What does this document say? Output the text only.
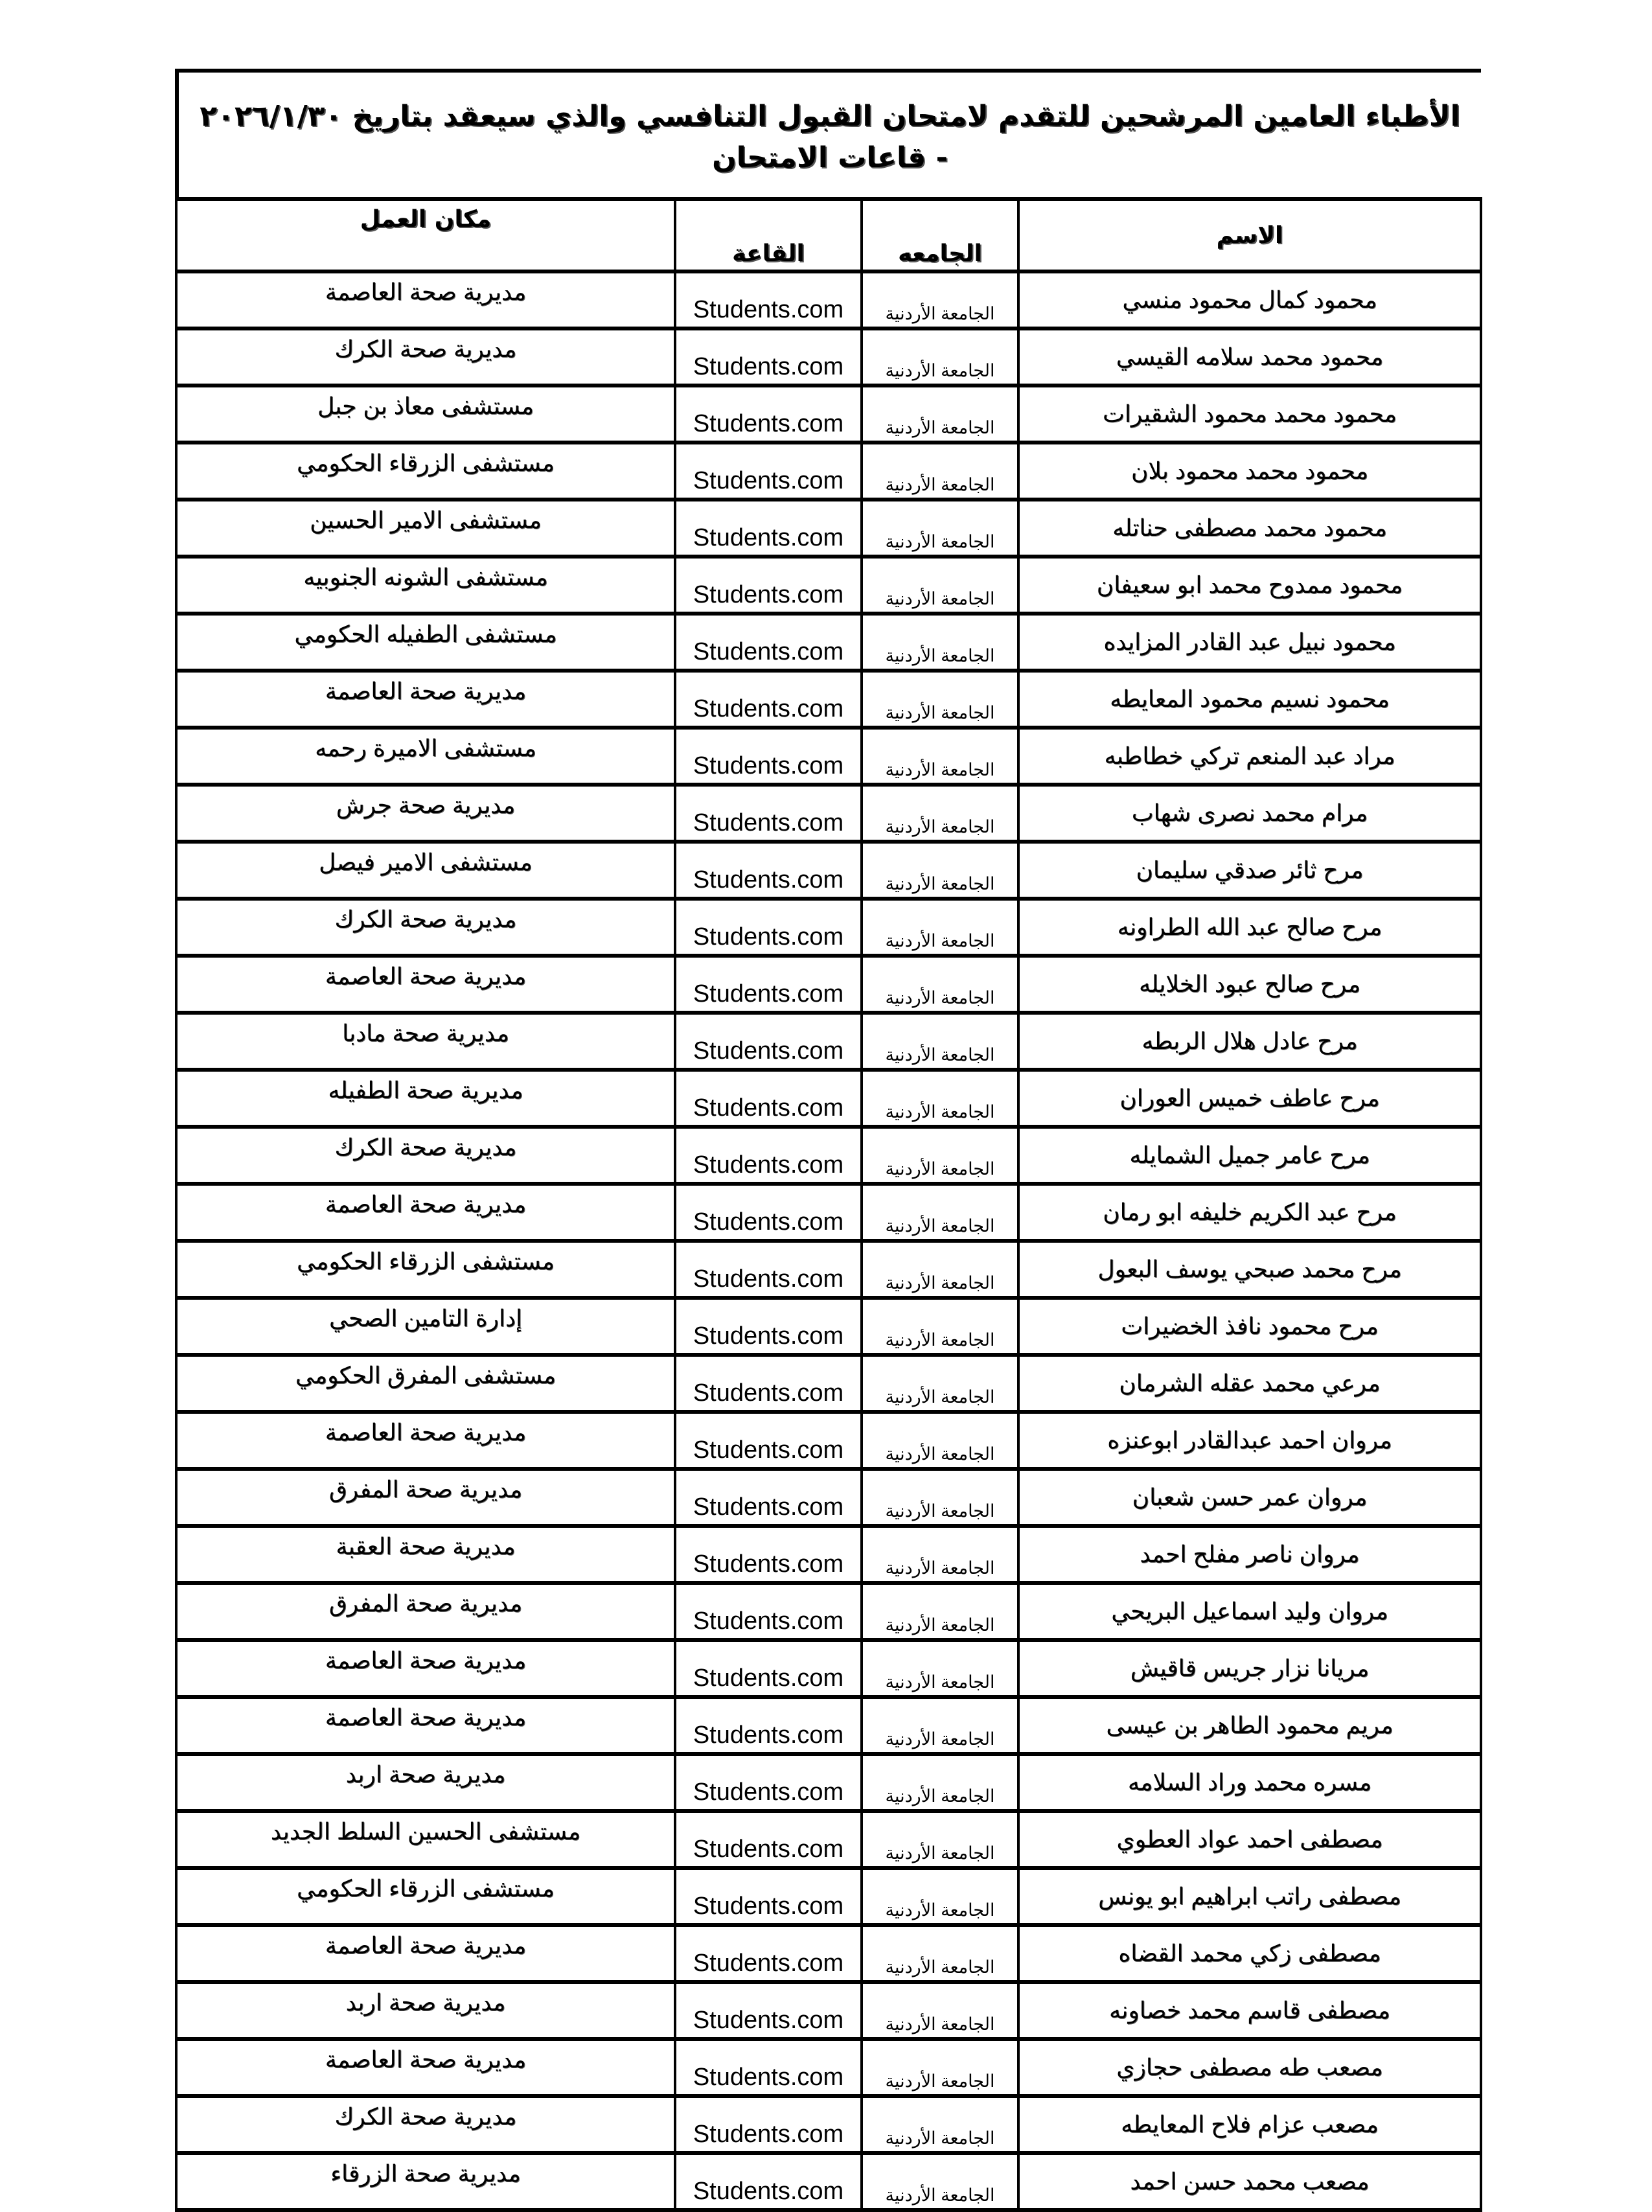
الأطباء العامين المرشحين للتقدم لامتحان القبول التنافسي والذي سيعقد بتاريخ ٢٠٢٦/١/٣٠ - قاعات الامتحان
الاسم	الجامعه	القاعة	مكان العمل
محمود كمال محمود منسي	الجامعة الأردنية	Students.com	مديرية صحة العاصمة
محمود محمد سلامه القيسي	الجامعة الأردنية	Students.com	مديرية صحة الكرك
محمود محمد محمود الشقيرات	الجامعة الأردنية	Students.com	مستشفى معاذ بن جبل
محمود محمد محمود بلان	الجامعة الأردنية	Students.com	مستشفى الزرقاء الحكومي
محمود محمد مصطفى حناتله	الجامعة الأردنية	Students.com	مستشفى الامير الحسين
محمود ممدوح محمد ابو سعيفان	الجامعة الأردنية	Students.com	مستشفى الشونه الجنوبيه
محمود نبيل عبد القادر المزايده	الجامعة الأردنية	Students.com	مستشفى الطفيله الحكومي
محمود نسيم محمود المعايطه	الجامعة الأردنية	Students.com	مديرية صحة العاصمة
مراد عبد المنعم تركي خطاطبه	الجامعة الأردنية	Students.com	مستشفى الاميرة رحمه
مرام محمد نصرى شهاب	الجامعة الأردنية	Students.com	مديرية صحة جرش
مرح ثائر صدقي سليمان	الجامعة الأردنية	Students.com	مستشفى الامير فيصل
مرح صالح عبد الله الطراونه	الجامعة الأردنية	Students.com	مديرية صحة الكرك
مرح صالح عبود الخلايله	الجامعة الأردنية	Students.com	مديرية صحة العاصمة
مرح عادل هلال الربطه	الجامعة الأردنية	Students.com	مديرية صحة مادبا
مرح عاطف خميس العوران	الجامعة الأردنية	Students.com	مديرية صحة الطفيله
مرح عامر جميل الشمايله	الجامعة الأردنية	Students.com	مديرية صحة الكرك
مرح عبد الكريم خليفه ابو رمان	الجامعة الأردنية	Students.com	مديرية صحة العاصمة
مرح محمد صبحي يوسف البعول	الجامعة الأردنية	Students.com	مستشفى الزرقاء الحكومي
مرح محمود نافذ الخضيرات	الجامعة الأردنية	Students.com	إدارة التامين الصحي
مرعي محمد عقله الشرمان	الجامعة الأردنية	Students.com	مستشفى المفرق الحكومي
مروان احمد عبدالقادر ابوعنزه	الجامعة الأردنية	Students.com	مديرية صحة العاصمة
مروان عمر حسن شعبان	الجامعة الأردنية	Students.com	مديرية صحة المفرق
مروان ناصر مفلح احمد	الجامعة الأردنية	Students.com	مديرية صحة العقبة
مروان وليد اسماعيل البريحي	الجامعة الأردنية	Students.com	مديرية صحة المفرق
مريانا نزار جريس قاقيش	الجامعة الأردنية	Students.com	مديرية صحة العاصمة
مريم محمود الطاهر بن عيسى	الجامعة الأردنية	Students.com	مديرية صحة العاصمة
مسره محمد وراد السلامه	الجامعة الأردنية	Students.com	مديرية صحة اربد
مصطفى احمد عواد العطوي	الجامعة الأردنية	Students.com	مستشفى الحسين السلط الجديد
مصطفى راتب ابراهيم ابو يونس	الجامعة الأردنية	Students.com	مستشفى الزرقاء الحكومي
مصطفى زكي محمد القضاه	الجامعة الأردنية	Students.com	مديرية صحة العاصمة
مصطفى قاسم محمد خصاونه	الجامعة الأردنية	Students.com	مديرية صحة اربد
مصعب طه مصطفى حجازي	الجامعة الأردنية	Students.com	مديرية صحة العاصمة
مصعب عزام فلاح المعايطه	الجامعة الأردنية	Students.com	مديرية صحة الكرك
مصعب محمد حسن احمد	الجامعة الأردنية	Students.com	مديرية صحة الزرقاء
